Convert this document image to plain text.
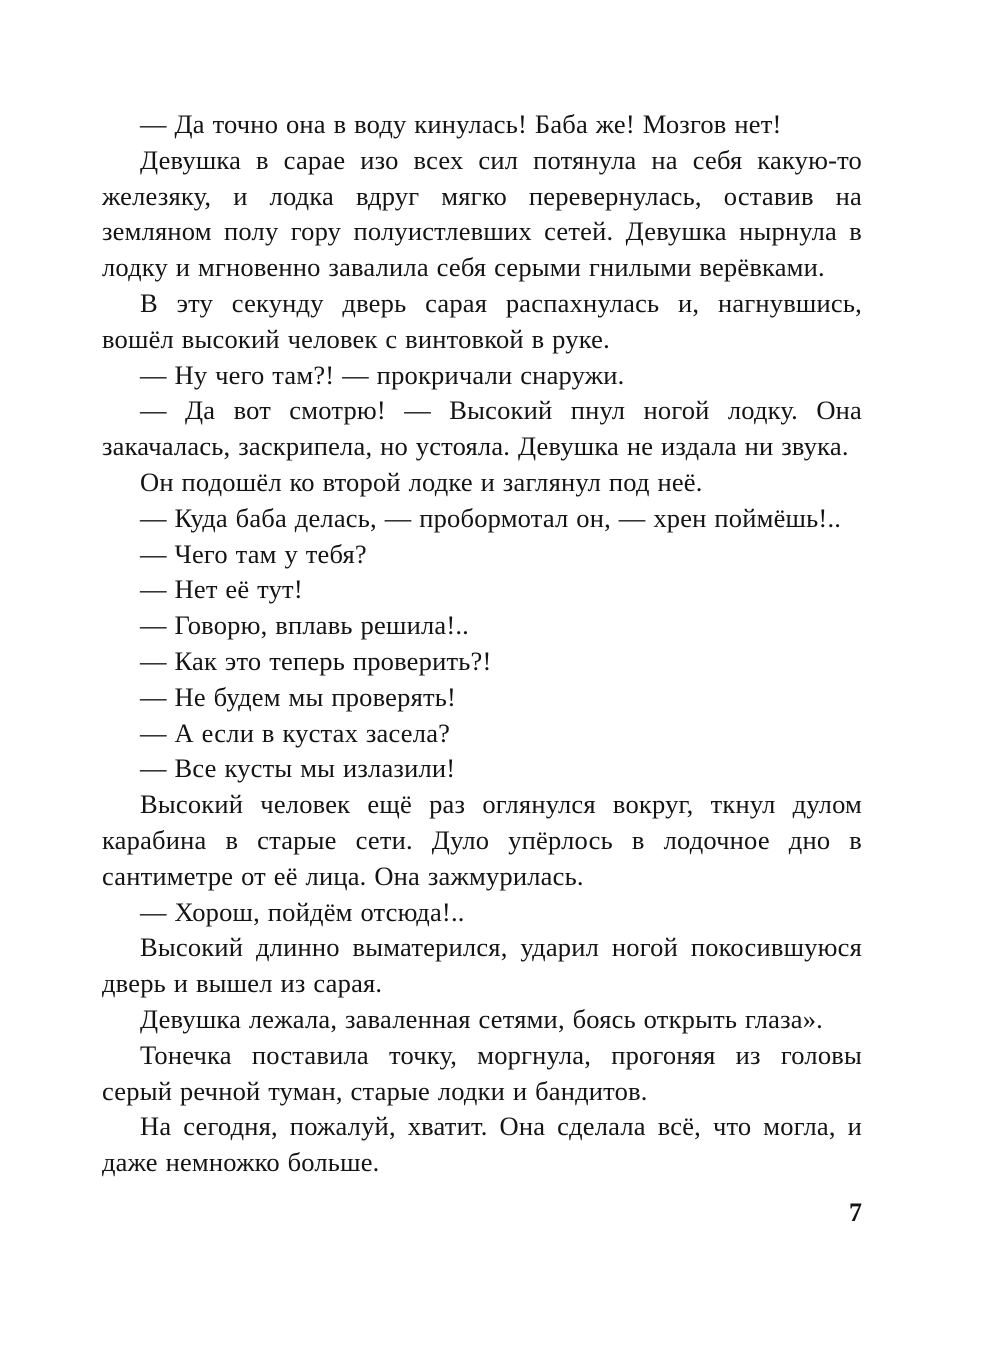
— Да точно она в воду кинулась! Баба же! Мозгов нет!

Девушка в сарае изо всех сил потянула на себя какую-то железяку, и лодка вдруг мягко перевернулась, оставив на земляном полу гору полуистлевших сетей. Девушка нырнула в лодку и мгновенно завалила себя серыми гнилыми верёвками.

В эту секунду дверь сарая распахнулась и, нагнувшись, вошёл высокий человек с винтовкой в руке.

— Ну чего там?! — прокричали снаружи.

— Да вот смотрю! — Высокий пнул ногой лодку. Она закачалась, заскрипела, но устояла. Девушка не издала ни звука.

Он подошёл ко второй лодке и заглянул под неё.

— Куда баба делась, — пробормотал он, — хрен поймёшь!..

— Чего там у тебя?

— Нет её тут!

— Говорю, вплавь решила!..

— Как это теперь проверить?!

— Не будем мы проверять!

— А если в кустах засела?

— Все кусты мы излазили!

Высокий человек ещё раз оглянулся вокруг, ткнул дулом карабина в старые сети. Дуло упёрлось в лодочное дно в сантиметре от её лица. Она зажмурилась.

— Хорош, пойдём отсюда!..

Высокий длинно выматерился, ударил ногой покосившуюся дверь и вышел из сарая.

Девушка лежала, заваленная сетями, боясь открыть глаза».

Тонечка поставила точку, моргнула, прогоняя из головы серый речной туман, старые лодки и бандитов.

На сегодня, пожалуй, хватит. Она сделала всё, что могла, и даже немножко больше.

7
